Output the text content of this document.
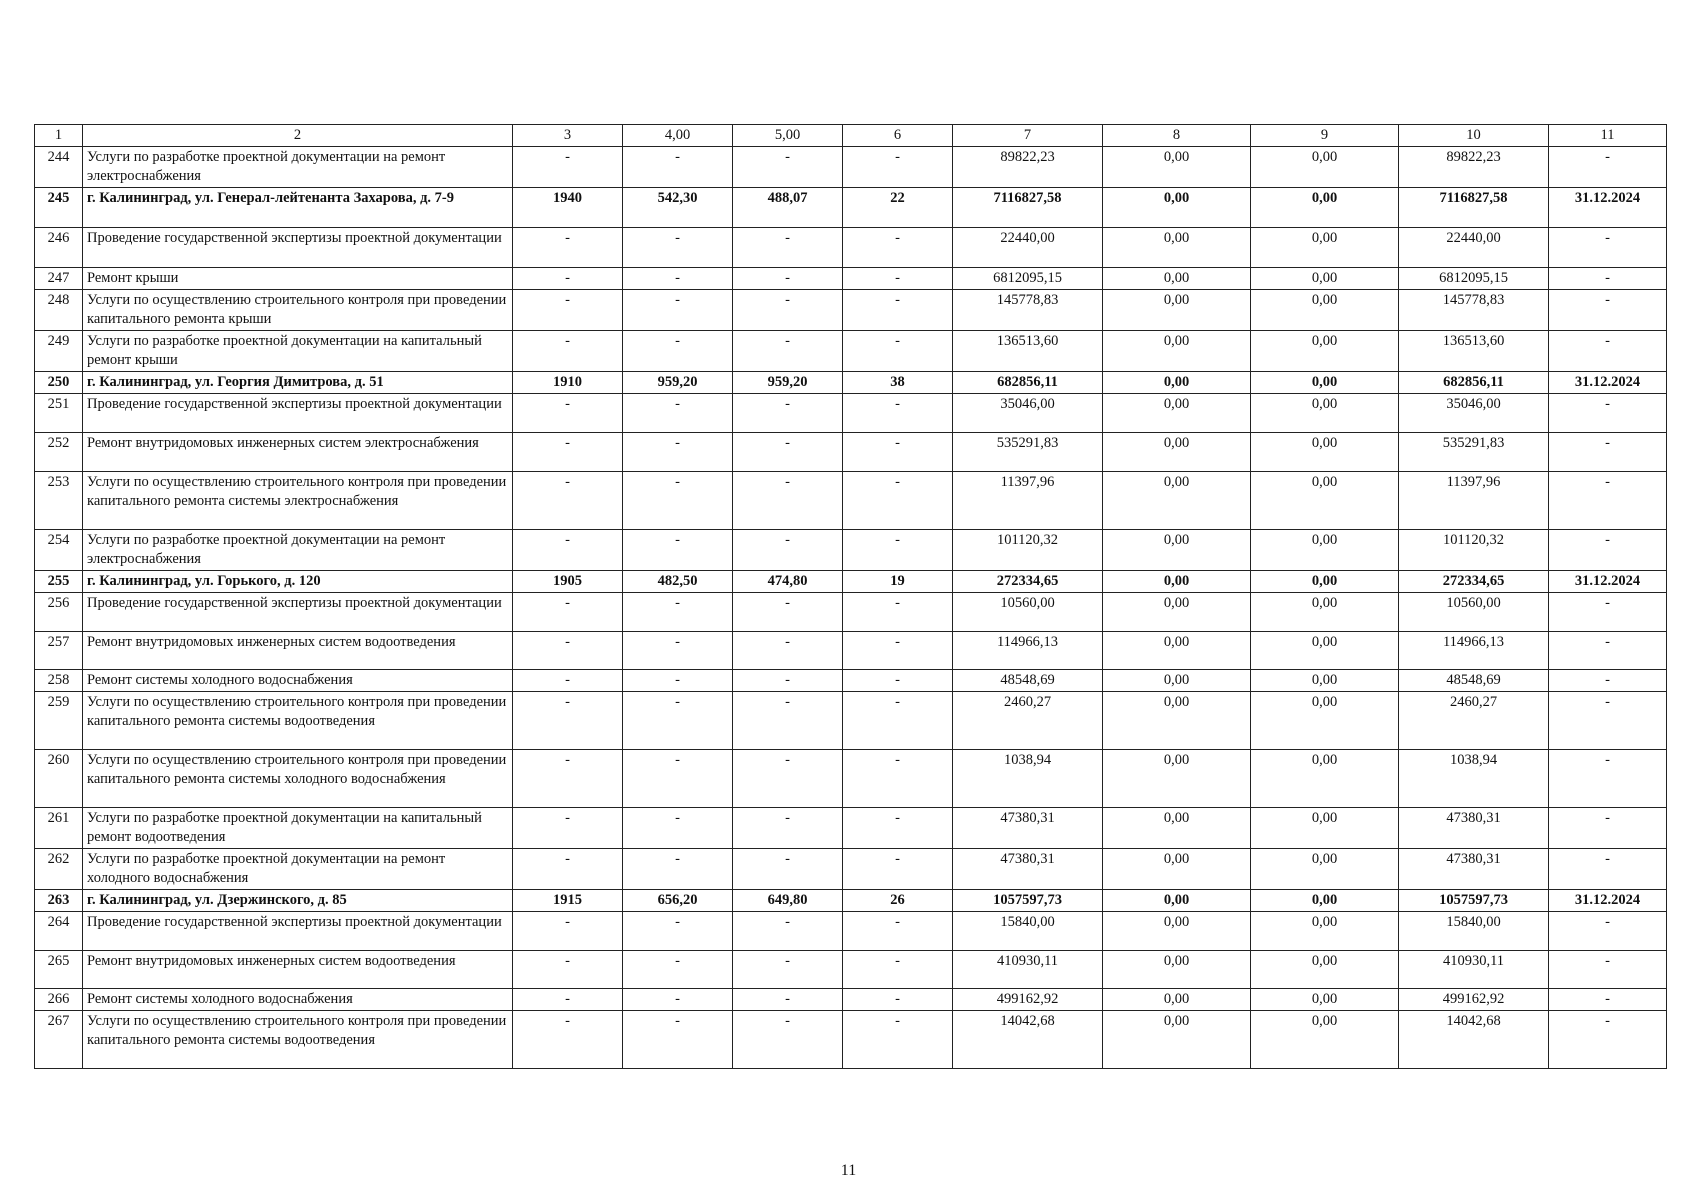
1	2	3	4,00	5,00	6	7	8	9	10	11
244	Услуги по разработке проектной документации на ремонт электроснабжения	-	-	-	-	89822,23	0,00	0,00	89822,23	-
245	г. Калининград, ул. Генерал-лейтенанта Захарова, д. 7-9	1940	542,30	488,07	22	7116827,58	0,00	0,00	7116827,58	31.12.2024
246	Проведение государственной экспертизы проектной документации	-	-	-	-	22440,00	0,00	0,00	22440,00	-
247	Ремонт крыши	-	-	-	-	6812095,15	0,00	0,00	6812095,15	-
248	Услуги по осуществлению строительного контроля при проведении капитального ремонта крыши	-	-	-	-	145778,83	0,00	0,00	145778,83	-
249	Услуги по разработке проектной документации на капитальный ремонт крыши	-	-	-	-	136513,60	0,00	0,00	136513,60	-
250	г. Калининград, ул. Георгия Димитрова, д. 51	1910	959,20	959,20	38	682856,11	0,00	0,00	682856,11	31.12.2024
251	Проведение государственной экспертизы проектной документации	-	-	-	-	35046,00	0,00	0,00	35046,00	-
252	Ремонт внутридомовых инженерных систем электроснабжения	-	-	-	-	535291,83	0,00	0,00	535291,83	-
253	Услуги по осуществлению строительного контроля при проведении капитального ремонта системы электроснабжения	-	-	-	-	11397,96	0,00	0,00	11397,96	-
254	Услуги по разработке проектной документации на ремонт электроснабжения	-	-	-	-	101120,32	0,00	0,00	101120,32	-
255	г. Калининград, ул. Горького, д. 120	1905	482,50	474,80	19	272334,65	0,00	0,00	272334,65	31.12.2024
256	Проведение государственной экспертизы проектной документации	-	-	-	-	10560,00	0,00	0,00	10560,00	-
257	Ремонт внутридомовых инженерных систем водоотведения	-	-	-	-	114966,13	0,00	0,00	114966,13	-
258	Ремонт системы холодного водоснабжения	-	-	-	-	48548,69	0,00	0,00	48548,69	-
259	Услуги по осуществлению строительного контроля при проведении капитального ремонта системы водоотведения	-	-	-	-	2460,27	0,00	0,00	2460,27	-
260	Услуги по осуществлению строительного контроля при проведении капитального ремонта системы холодного водоснабжения	-	-	-	-	1038,94	0,00	0,00	1038,94	-
261	Услуги по разработке проектной документации на капитальный ремонт водоотведения	-	-	-	-	47380,31	0,00	0,00	47380,31	-
262	Услуги по разработке проектной документации на ремонт холодного водоснабжения	-	-	-	-	47380,31	0,00	0,00	47380,31	-
263	г. Калининград, ул. Дзержинского, д. 85	1915	656,20	649,80	26	1057597,73	0,00	0,00	1057597,73	31.12.2024
264	Проведение государственной экспертизы проектной документации	-	-	-	-	15840,00	0,00	0,00	15840,00	-
265	Ремонт внутридомовых инженерных систем водоотведения	-	-	-	-	410930,11	0,00	0,00	410930,11	-
266	Ремонт системы холодного водоснабжения	-	-	-	-	499162,92	0,00	0,00	499162,92	-
267	Услуги по осуществлению строительного контроля при проведении капитального ремонта системы водоотведения	-	-	-	-	14042,68	0,00	0,00	14042,68	-
11
